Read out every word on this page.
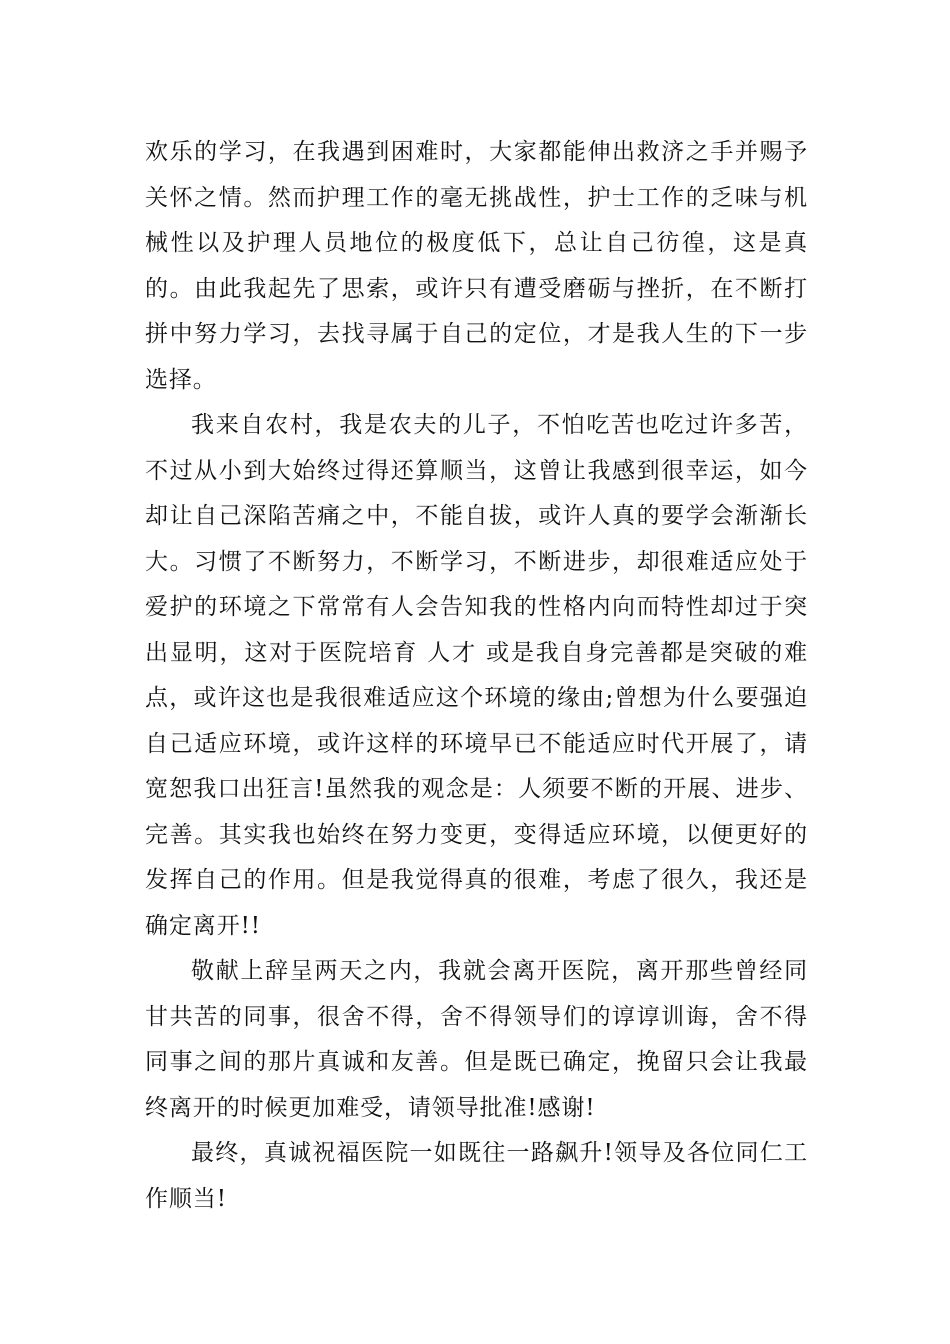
欢乐的学习，在我遇到困难时，大家都能伸出救济之手并赐予关怀之情。然而护理工作的毫无挑战性，护士工作的乏味与机械性以及护理人员地位的极度低下，总让自己彷徨，这是真的。由此我起先了思索，或许只有遭受磨砺与挫折，在不断打拼中努力学习，去找寻属于自己的定位，才是我人生的下一步选择。

我来自农村，我是农夫的儿子，不怕吃苦也吃过许多苦，不过从小到大始终过得还算顺当，这曾让我感到很幸运，如今却让自己深陷苦痛之中，不能自拔，或许人真的要学会渐渐长大。习惯了不断努力，不断学习，不断进步，却很难适应处于爱护的环境之下常常有人会告知我的性格内向而特性却过于突出显明，这对于医院培育 人才 或是我自身完善都是突破的难点，或许这也是我很难适应这个环境的缘由;曾想为什么要强迫自己适应环境，或许这样的环境早已不能适应时代开展了，请宽恕我口出狂言!虽然我的观念是：人须要不断的开展、进步、完善。其实我也始终在努力变更，变得适应环境，以便更好的发挥自己的作用。但是我觉得真的很难，考虑了很久，我还是确定离开!!

敬献上辞呈两天之内，我就会离开医院，离开那些曾经同甘共苦的同事，很舍不得，舍不得领导们的谆谆训诲，舍不得同事之间的那片真诚和友善。但是既已确定，挽留只会让我最终离开的时候更加难受，请领导批准!感谢!

最终，真诚祝福医院一如既往一路飙升!领导及各位同仁工作顺当!
